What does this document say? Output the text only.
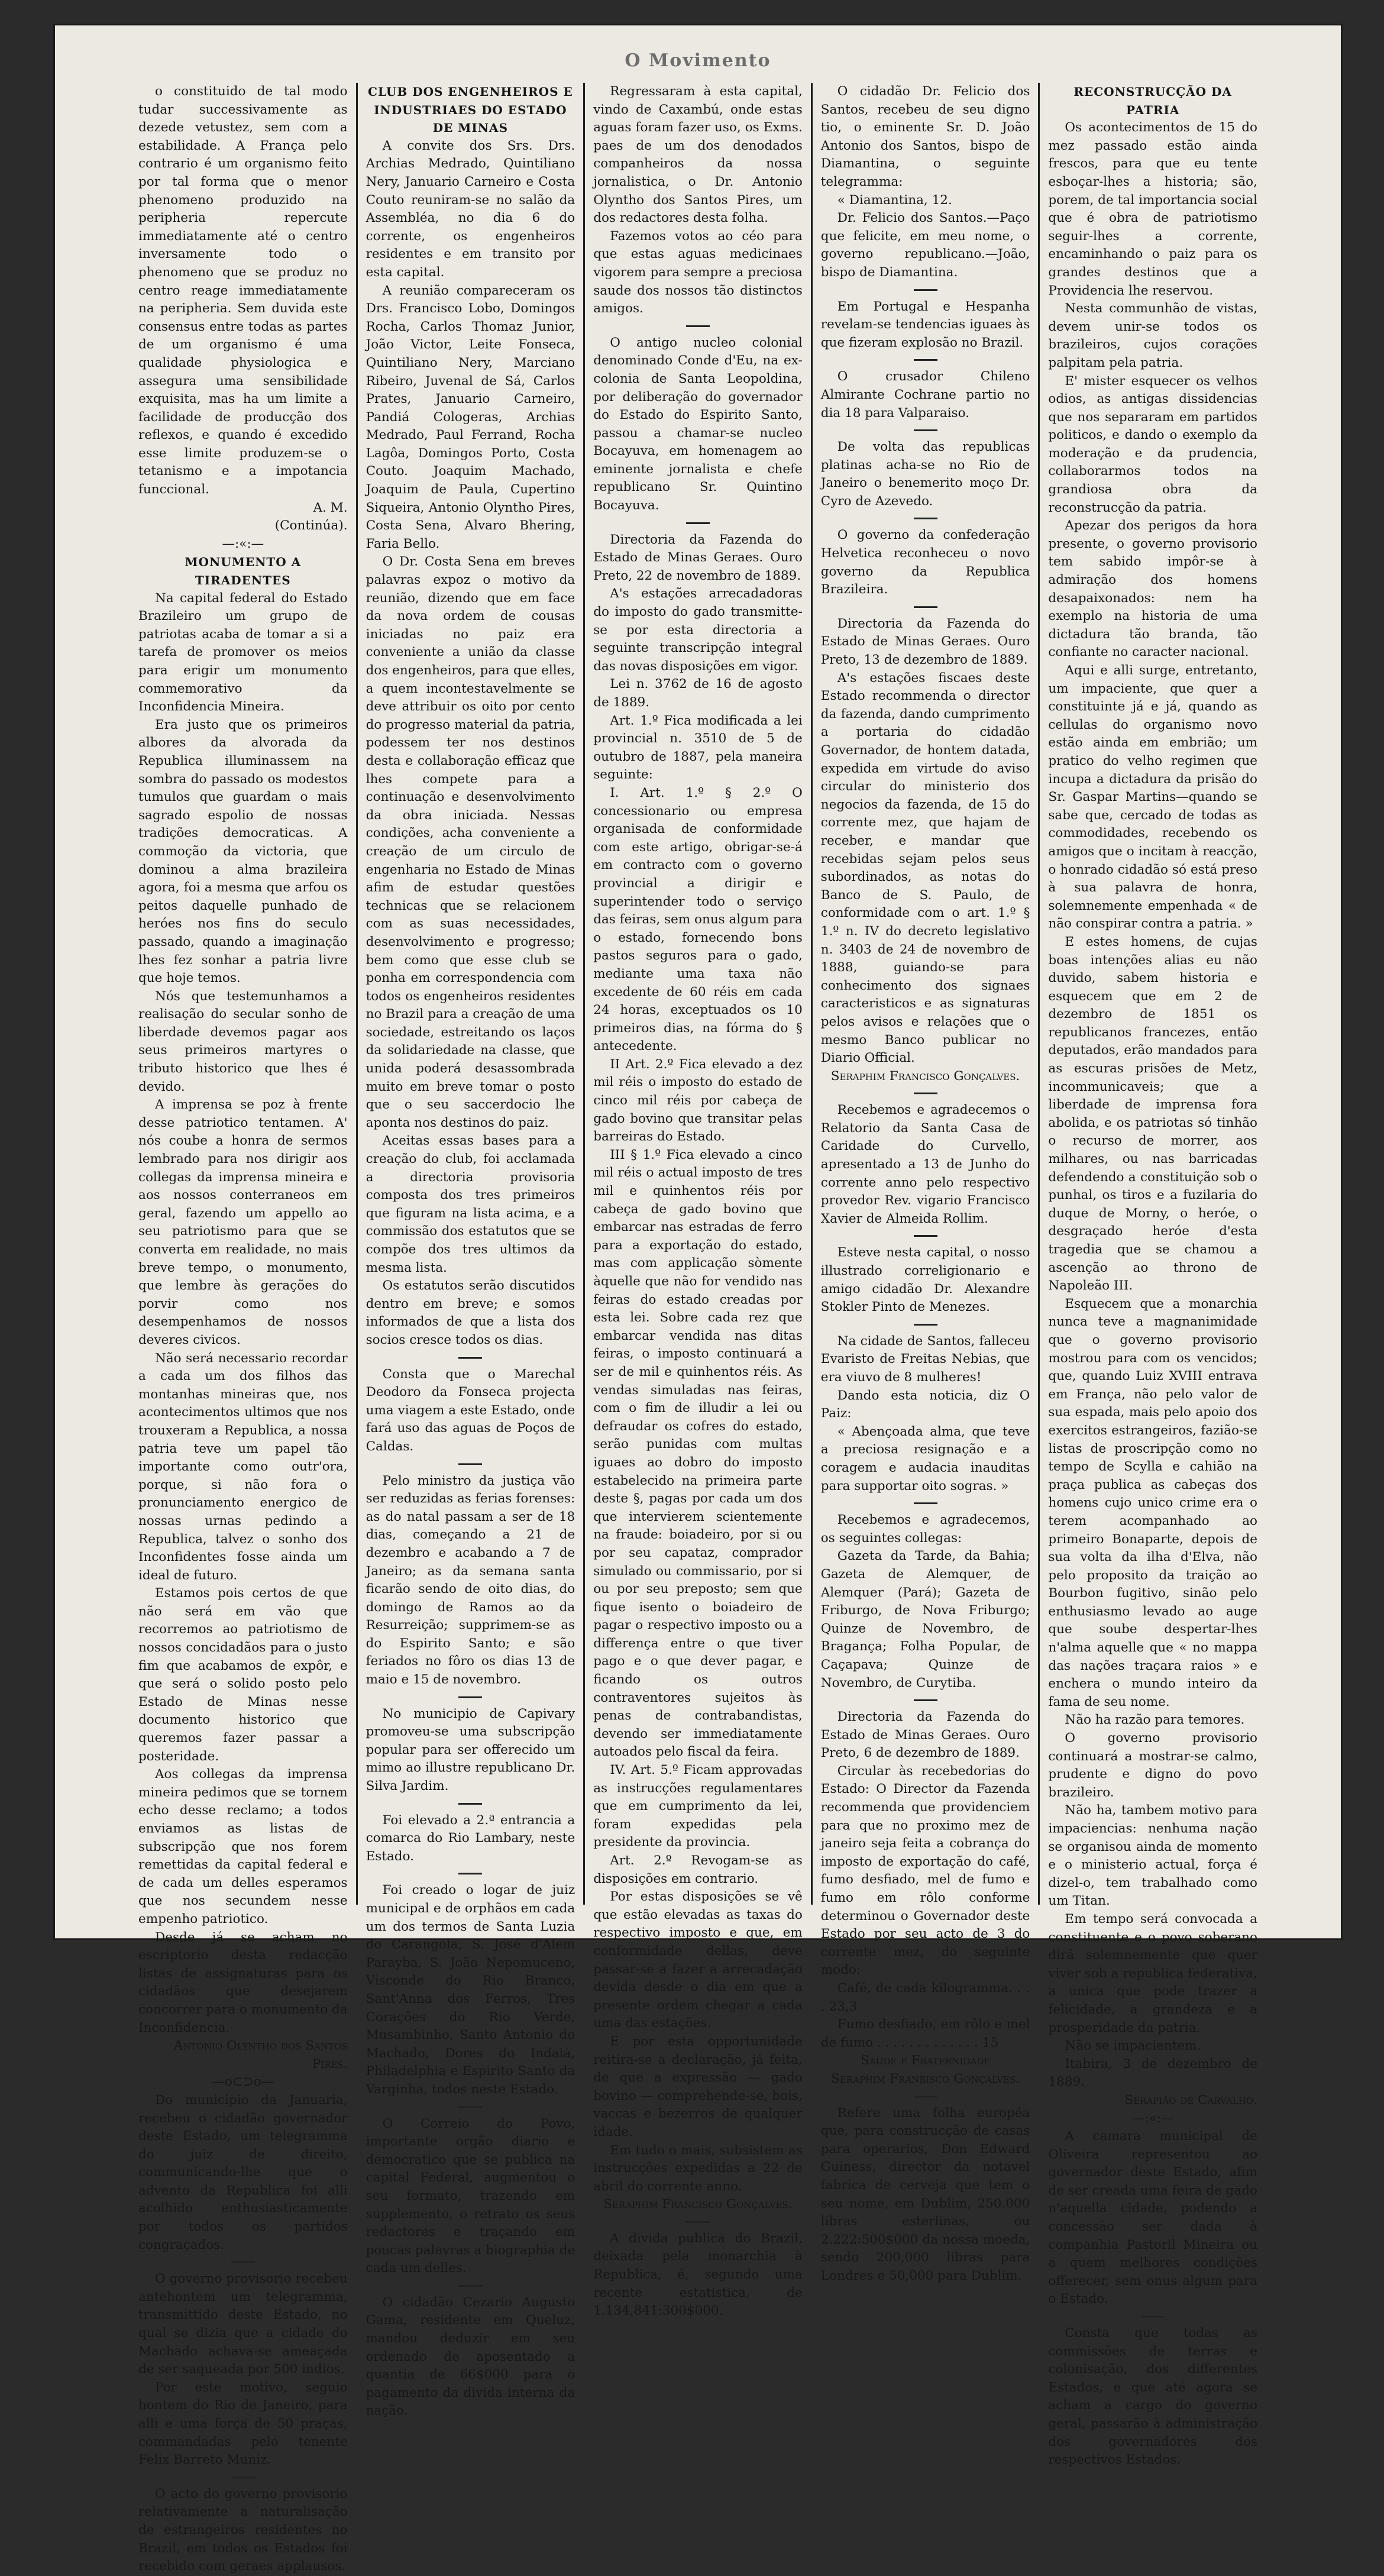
O Movimento

o constituido de tal modo tudar successivamente as dezede vetustez, sem com a estabilidade. A França pelo contrario é um organismo feito por tal forma que o menor phenomeno produzido na peripheria repercute immediatamente até o centro inversamente todo o phenomeno que se produz no centro reage immediatamente na peripheria. Sem duvida este consensus entre todas as partes de um organismo é uma qualidade physiologica e assegura uma sensibilidade exquisita, mas ha um limite a facilidade de producção dos reflexos, e quando é excedido esse limite produzem-se o tetanismo e a impotancia funccional.

A. M.

(Continúa).

—:«:—

MONUMENTO A TIRADENTES

Na capital federal do Estado Brazileiro um grupo de patriotas acaba de tomar a si a tarefa de promover os meios para erigir um monumento commemorativo da Inconfidencia Mineira.

Era justo que os primeiros albores da alvorada da Republica illuminassem na sombra do passado os modestos tumulos que guardam o mais sagrado espolio de nossas tradições democraticas. A commoção da victoria, que dominou a alma brazileira agora, foi a mesma que arfou os peitos daquelle punhado de heróes nos fins do seculo passado, quando a imaginação lhes fez sonhar a patria livre que hoje temos.

Nós que testemunhamos a realisação do secular sonho de liberdade devemos pagar aos seus primeiros martyres o tributo historico que lhes é devido.

A imprensa se poz à frente desse patriotico tentamen. A' nós coube a honra de sermos lembrado para nos dirigir aos collegas da imprensa mineira e aos nossos conterraneos em geral, fazendo um appello ao seu patriotismo para que se converta em realidade, no mais breve tempo, o monumento, que lembre às gerações do porvir como nos desempenhamos de nossos deveres civicos.

Não será necessario recordar a cada um dos filhos das montanhas mineiras que, nos acontecimentos ultimos que nos trouxeram a Republica, a nossa patria teve um papel tão importante como outr'ora, porque, si não fora o pronunciamento energico de nossas urnas pedindo a Republica, talvez o sonho dos Inconfidentes fosse ainda um ideal de futuro.

Estamos pois certos de que não será em vão que recorremos ao patriotismo de nossos concidadãos para o justo fim que acabamos de expôr, e que será o solido posto pelo Estado de Minas nesse documento historico que queremos fazer passar a posteridade.

Aos collegas da imprensa mineira pedimos que se tornem echo desse reclamo; a todos enviamos as listas de subscripção que nos forem remettidas da capital federal e de cada um delles esperamos que nos secundem nesse empenho patriotico.

Desde já se acham no escriptorio desta redacção listas de assignaturas para os cidadãos que desejarem concorrer para o monumento da Inconfidencia.

Antonio Olyntho dos Santos Pires.

—o⊂⊃o—

Do municipio da Januaria, recebeu o cidadão governador deste Estado, um telegramma do juiz de direito, communicando-lhe que o advento da Republica foi alli acolhido enthusiasticamente por todos os partidos congraçados.

O governo provisorio recebeu antehontem um telegramma, transmittido deste Estado, no qual se dizia que a cidade do Machado achava-se ameaçada de ser saqueada por 500 indios.

Por este motivo, seguio hontem do Rio de Janeiro, para alli e uma força de 50 praças, commandadas pelo tenente Felix Barreto Muniz.

O acto do governo provisorio relativamente a naturalisação de estrangeiros residentes no Brazil, em todos os Estados foi recebido com geraes applausos.

CLUB DOS ENGENHEIROS E INDUSTRIAES DO ESTADO DE MINAS

A convite dos Srs. Drs. Archias Medrado, Quintiliano Nery, Januario Carneiro e Costa Couto reuniram-se no salão da Assembléa, no dia 6 do corrente, os engenheiros residentes e em transito por esta capital.

A reunião compareceram os Drs. Francisco Lobo, Domingos Rocha, Carlos Thomaz Junior, João Victor, Leite Fonseca, Quintiliano Nery, Marciano Ribeiro, Juvenal de Sá, Carlos Prates, Januario Carneiro, Pandiá Cologeras, Archias Medrado, Paul Ferrand, Rocha Lagôa, Domingos Porto, Costa Couto. Joaquim Machado, Joaquim de Paula, Cupertino Siqueira, Antonio Olyntho Pires, Costa Sena, Alvaro Bhering, Faria Bello.

O Dr. Costa Sena em breves palavras expoz o motivo da reunião, dizendo que em face da nova ordem de cousas iniciadas no paiz era conveniente a união da classe dos engenheiros, para que elles, a quem incontestavelmente se deve attribuir os oito por cento do progresso material da patria, podessem ter nos destinos desta e collaboração efficaz que lhes compete para a continuação e desenvolvimento da obra iniciada. Nessas condições, acha conveniente a creação de um circulo de engenharia no Estado de Minas afim de estudar questões technicas que se relacionem com as suas necessidades, desenvolvimento e progresso; bem como que esse club se ponha em correspondencia com todos os engenheiros residentes no Brazil para a creação de uma sociedade, estreitando os laços da solidariedade na classe, que unida poderá desassombrada muito em breve tomar o posto que o seu saccerdocio lhe aponta nos destinos do paiz.

Aceitas essas bases para a creação do club, foi acclamada a directoria provisoria composta dos tres primeiros que figuram na lista acima, e a commissão dos estatutos que se compõe dos tres ultimos da mesma lista.

Os estatutos serão discutidos dentro em breve; e somos informados de que a lista dos socios cresce todos os dias.

Consta que o Marechal Deodoro da Fonseca projecta uma viagem a este Estado, onde fará uso das aguas de Poços de Caldas.

Pelo ministro da justiça vão ser reduzidas as ferias forenses: as do natal passam a ser de 18 dias, começando a 21 de dezembro e acabando a 7 de Janeiro; as da semana santa ficarão sendo de oito dias, do domingo de Ramos ao da Resurreição; supprimem-se as do Espirito Santo; e são feriados no fôro os dias 13 de maio e 15 de novembro.

No municipio de Capivary promoveu-se uma subscripção popular para ser offerecido um mimo ao illustre republicano Dr. Silva Jardim.

Foi elevado a 2.ª entrancia a comarca do Rio Lambary, neste Estado.

Foi creado o logar de juiz municipal e de orphãos em cada um dos termos de Santa Luzia do Carangola, S. José d'Alem Parayba, S. João Nepomuceno, Visconde do Rio Branco, Sant'Anna dos Ferros, Tres Corações do Rio Verde, Musambinho, Santo Antonio do Machado, Dores do Indaiá, Philadelphia e Espirito Santo da Varginha, todos neste Estado.

O Correio do Povo, importante orgão diario e democratico que se publica na capital Federal, augmentou o seu formato, trazendo em supplemento, o retrato os seus redactores e traçando em poucas palavras a biographia de cada um delles.

O cidadão Cezario Augusto Gama, residente em Queluz, mandou deduzir em seu ordenado de aposentado a quantia de 66$000 para o pagamento da divida interna da nação.

Regressaram à esta capital, vindo de Caxambú, onde estas aguas foram fazer uso, os Exms. paes de um dos denodados companheiros da nossa jornalistica, o Dr. Antonio Olyntho dos Santos Pires, um dos redactores desta folha.

Fazemos votos ao céo para que estas aguas medicinaes vigorem para sempre a preciosa saude dos nossos tão distinctos amigos.

O antigo nucleo colonial denominado Conde d'Eu, na ex-colonia de Santa Leopoldina, por deliberação do governador do Estado do Espirito Santo, passou a chamar-se nucleo Bocayuva, em homenagem ao eminente jornalista e chefe republicano Sr. Quintino Bocayuva.

Directoria da Fazenda do Estado de Minas Geraes. Ouro Preto, 22 de novembro de 1889.

A's estações arrecadadoras do imposto do gado transmitte-se por esta directoria a seguinte transcripção integral das novas disposições em vigor.

Lei n. 3762 de 16 de agosto de 1889.

Art. 1.º Fica modificada a lei provincial n. 3510 de 5 de outubro de 1887, pela maneira seguinte:

I. Art. 1.º § 2.º O concessionario ou empresa organisada de conformidade com este artigo, obrigar-se-á em contracto com o governo provincial a dirigir e superintender todo o serviço das feiras, sem onus algum para o estado, fornecendo bons pastos seguros para o gado, mediante uma taxa não excedente de 60 réis em cada 24 horas, exceptuados os 10 primeiros dias, na fórma do § antecedente.

II Art. 2.º Fica elevado a dez mil réis o imposto do estado de cinco mil réis por cabeça de gado bovino que transitar pelas barreiras do Estado.

III § 1.º Fica elevado a cinco mil réis o actual imposto de tres mil e quinhentos réis por cabeça de gado bovino que embarcar nas estradas de ferro para a exportação do estado, mas com applicação sòmente àquelle que não for vendido nas feiras do estado creadas por esta lei. Sobre cada rez que embarcar vendida nas ditas feiras, o imposto continuará a ser de mil e quinhentos réis. As vendas simuladas nas feiras, com o fim de illudir a lei ou defraudar os cofres do estado, serão punidas com multas iguaes ao dobro do imposto estabelecido na primeira parte deste §, pagas por cada um dos que intervierem scientemente na fraude: boiadeiro, por si ou por seu capataz, comprador simulado ou commissario, por si ou por seu preposto; sem que fique isento o boiadeiro de pagar o respectivo imposto ou a differença entre o que tiver pago e o que dever pagar, e ficando os outros contraventores sujeitos às penas de contrabandistas, devendo ser immediatamente autoados pelo fiscal da feira.

IV. Art. 5.º Ficam approvadas as instrucções regulamentares que em cumprimento da lei, foram expedidas pela presidente da provincia.

Art. 2.º Revogam-se as disposições em contrario.

Por estas disposições se vê que estão elevadas as taxas do respectivo imposto e que, em conformidade dellas, deve passar-se a fazer a arrecadação devida desde o dia em que a presente ordem chegar a cada uma das estações.

E por esta opportunidade reitira-se a declaração, já feita, de que a expressão — gado bovino — comprehende-se, bois, vaccas e bezerros de qualquer idade.

Em tudo o mais, subsistem as instrucções expedidas a 22 de abril do corrente anno.

Seraphim Francisco Gonçalves.

A divida publica do Brazil, deixada pela monarchia à Republica, é, segundo uma recente estatistica, de 1.134,841:300$000.

O cidadão Dr. Felicio dos Santos, recebeu de seu digno tio, o eminente Sr. D. João Antonio dos Santos, bispo de Diamantina, o seguinte telegramma:

« Diamantina, 12.

Dr. Felicio dos Santos.—Paço que felicite, em meu nome, o governo republicano.—João, bispo de Diamantina.

Em Portugal e Hespanha revelam-se tendencias iguaes às que fizeram explosão no Brazil.

O crusador Chileno Almirante Cochrane partio no dia 18 para Valparaiso.

De volta das republicas platinas acha-se no Rio de Janeiro o benemerito moço Dr. Cyro de Azevedo.

O governo da confederação Helvetica reconheceu o novo governo da Republica Brazileira.

Directoria da Fazenda do Estado de Minas Geraes. Ouro Preto, 13 de dezembro de 1889.

A's estações fiscaes deste Estado recommenda o director da fazenda, dando cumprimento a portaria do cidadão Governador, de hontem datada, expedida em virtude do aviso circular do ministerio dos negocios da fazenda, de 15 do corrente mez, que hajam de receber, e mandar que recebidas sejam pelos seus subordinados, as notas do Banco de S. Paulo, de conformidade com o art. 1.º § 1.º n. IV do decreto legislativo n. 3403 de 24 de novembro de 1888, guiando-se para conhecimento dos signaes caracteristicos e as signaturas pelos avisos e relações que o mesmo Banco publicar no Diario Official.

Seraphim Francisco Gonçalves.

Recebemos e agradecemos o Relatorio da Santa Casa de Caridade do Curvello, apresentado a 13 de Junho do corrente anno pelo respectivo provedor Rev. vigario Francisco Xavier de Almeida Rollim.

Esteve nesta capital, o nosso illustrado correligionario e amigo cidadão Dr. Alexandre Stokler Pinto de Menezes.

Na cidade de Santos, falleceu Evaristo de Freitas Nebias, que era viuvo de 8 mulheres!

Dando esta noticia, diz O Paiz:

« Abençoada alma, que teve a preciosa resignação e a coragem e audacia inauditas para supportar oito sogras. »

Recebemos e agradecemos, os seguintes collegas:

Gazeta da Tarde, da Bahia; Gazeta de Alemquer, de Alemquer (Pará); Gazeta de Friburgo, de Nova Friburgo; Quinze de Novembro, de Bragança; Folha Popular, de Caçapava; Quinze de Novembro, de Curytiba.

Directoria da Fazenda do Estado de Minas Geraes. Ouro Preto, 6 de dezembro de 1889.

Circular às recebedorias do Estado: O Director da Fazenda recommenda que providenciem para que no proximo mez de janeiro seja feita a cobrança do imposto de exportação do café, fumo desfiado, mel de fumo e fumo em rôlo conforme determinou o Governador deste Estado por seu acto de 3 do corrente mez, do seguinte modo:

Café, de cada kilogramma. . . . 23,3

Fumo desfiado, em rôlo e mel de fumo . . . . . . . . . . . . . 15

Saude e Fraternidade

Seraphim Franbisco Gonçalves.

Refere uma folha européa que, para construcção de casas para operarios, Don Edward Guiness, director da notavel fabrica de cerveja que tem o seu nome, em Dublim, 250.000 libras esterlinas, ou 2.222:500$000 da nossa moeda, sendo 200,000 libras para Londres e 50,000 para Dublim.

RECONSTRUCÇÃO DA PATRIA

Os acontecimentos de 15 do mez passado estão ainda frescos, para que eu tente esboçar-lhes a historia; são, porem, de tal importancia social que é obra de patriotismo seguir-lhes a corrente, encaminhando o paiz para os grandes destinos que a Providencia lhe reservou.

Nesta communhão de vistas, devem unir-se todos os brazileiros, cujos corações palpitam pela patria.

E' mister esquecer os velhos odios, as antigas dissidencias que nos separaram em partidos politicos, e dando o exemplo da moderação e da prudencia, collaborarmos todos na grandiosa obra da reconstrucção da patria.

Apezar dos perigos da hora presente, o governo provisorio tem sabido impôr-se à admiração dos homens desapaixonados: nem ha exemplo na historia de uma dictadura tão branda, tão confiante no caracter nacional.

Aqui e alli surge, entretanto, um impaciente, que quer a constituinte já e já, quando as cellulas do organismo novo estão ainda em embrião; um pratico do velho regimen que incupa a dictadura da prisão do Sr. Gaspar Martins—quando se sabe que, cercado de todas as commodidades, recebendo os amigos que o incitam à reacção, o honrado cidadão só está preso à sua palavra de honra, solemnemente empenhada « de não conspirar contra a patria. »

E estes homens, de cujas boas intenções alias eu não duvido, sabem historia e esquecem que em 2 de dezembro de 1851 os republicanos francezes, então deputados, erão mandados para as escuras prisões de Metz, incommunicaveis; que a liberdade de imprensa fora abolida, e os patriotas só tinhão o recurso de morrer, aos milhares, ou nas barricadas defendendo a constituição sob o punhal, os tiros e a fuzilaria do duque de Morny, o heróe, o desgraçado heróe d'esta tragedia que se chamou a ascenção ao throno de Napoleão III.

Esquecem que a monarchia nunca teve a magnanimidade que o governo provisorio mostrou para com os vencidos; que, quando Luiz XVIII entrava em França, não pelo valor de sua espada, mais pelo apoio dos exercitos estrangeiros, fazião-se listas de proscripção como no tempo de Scylla e cahião na praça publica as cabeças dos homens cujo unico crime era o terem acompanhado ao primeiro Bonaparte, depois de sua volta da ilha d'Elva, não pelo proposito da traição ao Bourbon fugitivo, sinão pelo enthusiasmo levado ao auge que soube despertar-lhes n'alma aquelle que « no mappa das nações traçara raios » e enchera o mundo inteiro da fama de seu nome.

Não ha razão para temores.

O governo provisorio continuará a mostrar-se calmo, prudente e digno do povo brazileiro.

Não ha, tambem motivo para impaciencias: nenhuma nação se organisou ainda de momento e o ministerio actual, força é dizel-o, tem trabalhado como um Titan.

Em tempo será convocada a constituente e o povo soberano dirá solemnemente que quer viver sob a republica federativa, a unica que pode trazer a felicidade, a grandeza e a prosperidade da patria.

Não se impacientem.

Itabira, 3 de dezembro de 1889.

Serapião de Carvalho.

—:«:—

A camara municipal de Oliveira representou ao governador deste Estado, afim de ser creada uma feira de gado n'aquella cidade, podendo a concessão ser dada à companhia Pastoril Mineira ou a quem melhores condições offerecer, sem onus algum para o Estado.

Consta que todas as commissões de terras e colonisação, dos differentes Estados, e que até agora se acham a cargo do governo geral, passarão à administração dos governadores dos respectivos Estados.
